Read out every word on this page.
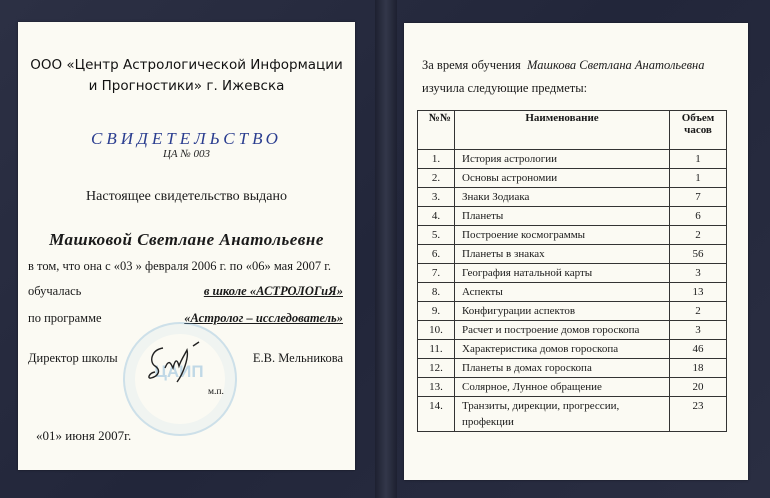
ООО «Центр Астрологической Информации
и Прогностики» г. Ижевска
СВИДЕТЕЛЬСТВО
ЦА № 003
Настоящее свидетельство выдано
Машковой Светлане Анатольевне
в том, что она с «03 » февраля 2006 г. по «06» мая 2007 г.
обучалась	в школе «АСТРОЛОГиЯ»
по программе	«Астролог – исследователь»
ЦАИП
Директор школы	Е.В. Мельникова
м.п.
«01» июня 2007г.
За время обучения Машкова Светлана Анатольевна
изучила следующие предметы:
№№	Наименование	Объем часов
1.	История астрологии	1
2.	Основы астрономии	1
3.	Знаки Зодиака	7
4.	Планеты	6
5.	Построение космограммы	2
6.	Планеты в знаках	56
7.	География натальной карты	3
8.	Аспекты	13
9.	Конфигурации аспектов	2
10.	Расчет и построение домов гороскопа	3
11.	Характеристика домов гороскопа	46
12.	Планеты в домах гороскопа	18
13.	Солярное, Лунное обращение	20
14.	Транзиты, дирекции, прогрессии, профекции	23
